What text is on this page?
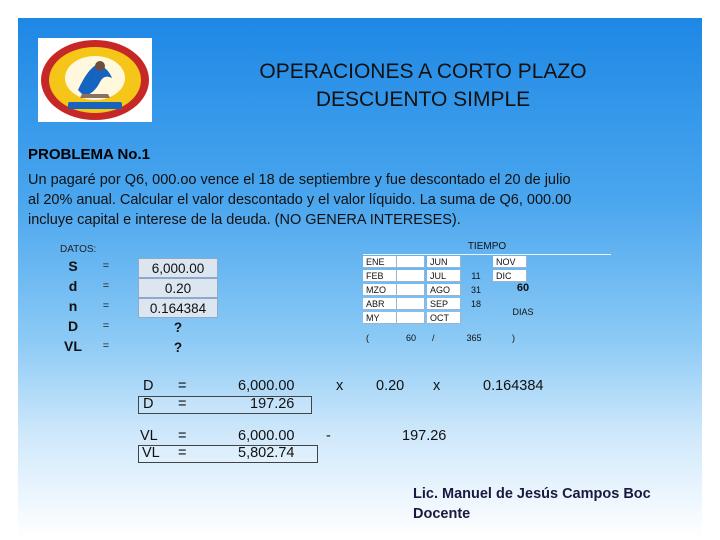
OPERACIONES A CORTO PLAZO
DESCUENTO SIMPLE
PROBLEMA No.1
Un pagaré por Q6, 000.oo vence el 18 de septiembre y fue descontado el 20 de julio
al 20% anual. Calcular el valor descontado y el valor líquido. La suma de Q6, 000.00
incluye capital e interese de la deuda. (NO GENERA INTERESES).
DATOS:
S	=	6,000.00
d	=	0.20
n	=	0.164384
D	=	?
VL	=	?
TIEMPO
ENE	JUN	NOV
FEB	JUL	11	DIC
MZO	AGO	31	60
ABR	SEP	18
DIAS
MY	OCT
(	60	/	365	)
D =	6,000.00	x 0.20 x	0.164384
D =	197.26
VL =	6,000.00 -	197.26
VL =	5,802.74
Lic. Manuel de Jesús Campos Boc
Docente
